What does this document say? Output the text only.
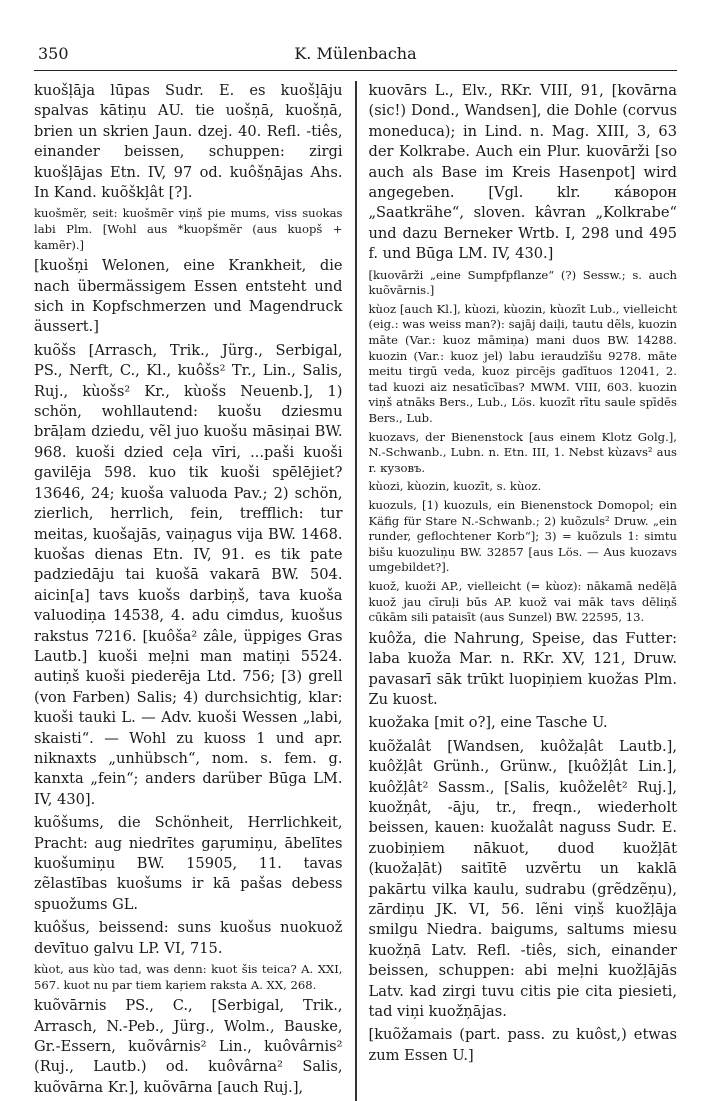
350	K. Mülenbacha

kuošḷāja lūpas Sudr. E. es kuošḷāju spalvas kātiņu AU. tie uošņā, kuošņā, brien un skrien Jaun. dzej. 40. Refl. -tiês, einander beissen, schuppen: zirgi kuošļājas Etn. IV, 97 od. kuôšņājas Ahs. In Kand. kuõškļât [?].

kuošmẽr, seit: kuošmẽr viņš pie mums, viss suokas labi Plm. [Wohl aus *kuopšmẽr (aus kuopš + kamẽr).]

[kuošņi Welonen, eine Krankheit, die nach übermässigem Essen entsteht und sich in Kopfschmerzen und Magendruck äussert.]

kuõšs [Arrasch, Trik., Jürg., Serbigal, PS., Nerft, C., Kl., kuôšs² Tr., Lin., Salis, Ruj., kùošs² Kr., kùošs Neuenb.], 1) schön, wohllautend: kuošu dziesmu brāļam dziedu, vẽl juo kuošu māsiņai BW. 968. kuoši dzied ceļa vīri, ...paši kuoši gavilēja 598. kuo tik kuoši spēlējiet? 13646, 24; kuoša valuoda Pav.; 2) schön, zierlich, herrlich, fein, trefflich: tur meitas, kuošajās, vaiņagus vija BW. 1468. kuošas dienas Etn. IV, 91. es tik pate padziedāju tai kuošā vakarā BW. 504. aicin[a] tavs kuošs darbiņš, tava kuoša valuodiņa 14538, 4. adu cimdus, kuošus rakstus 7216. [kuôša² zâle, üppiges Gras Lautb.] kuoši meļni man matiņi 5524. autiņš kuoši piederēja Ltd. 756; [3) grell (von Farben) Salis; 4) durchsichtig, klar: kuoši tauki L. — Adv. kuoši Wessen „labi, skaisti“. — Wohl zu kuoss 1 und apr. niknaxts „unhübsch“, nom. s. fem. g. kanxta „fein“; anders darüber Būga LM. IV, 430].

kuõšums, die Schönheit, Herrlichkeit, Pracht: aug niedrītes gaŗumiņu, ābelītes kuošumiņu BW. 15905, 11. tavas zẽlastības kuošums ir kā pašas debess spuožums GL.

kuôšus, beissend: suns kuošus nuokuož devītuo galvu LP. VI, 715.

kùot, aus kùo tad, was denn: kuot šis teica? A. XXI, 567. kuot nu par tiem kaŗiem raksta A. XX, 268.

kuõvārnis PS., C., [Serbigal, Trik., Arrasch, N.-Peb., Jürg., Wolm., Bauske, Gr.-Essern, kuõvârnis² Lin., kuôvârnis² (Ruj., Lautb.) od. kuôvârna² Salis, kuõvārna Kr.], kuõvārna [auch Ruj.],

kuovārs L., Elv., RKr. VIII, 91, [kovārna (sic!) Dond., Wandsen], die Dohle (corvus moneduca); in Lind. n. Mag. XIII, 3, 63 der Kolkrabe. Auch ein Plur. kuovārži [so auch als Base im Kreis Hasenpot] wird angegeben. [Vgl. klr. кáворон „Saatkrähe“, sloven. kâvran „Kolkrabe“ und dazu Berneker Wrtb. I, 298 und 495 f. und Būga LM. IV, 430.]

[kuovārži „eine Sumpfpflanze“ (?) Sessw.; s. auch kuõvārnis.]

kùoz [auch Kl.], kùozi, kùozin, kùozīt Lub., vielleicht (eig.: was weiss man?): sajāj daiļi, tautu dẽls, kuozin māte (Var.: kuoz māmiņa) mani duos BW. 14288. kuozin (Var.: kuoz jel) labu ieraudzīšu 9278. māte meitu tirgū veda, kuoz pircējs gadītuos 12041, 2. tad kuozi aiz nesatīcības? MWM. VIII, 603. kuozin viņš atnāks Bers., Lub., Lös. kuozīt rītu saule spīdēs Bers., Lub.

kuozavs, der Bienenstock [aus einem Klotz Golg.], N.-Schwanb., Lubn. n. Etn. III, 1. Nebst kùzavs² aus r. кузовъ.

kùozi, kùozin, kuozīt, s. kùoz.

kuozuls, [1) kuozuls, ein Bienenstock Domopol; ein Käfig für Stare N.-Schwanb.; 2) kuõzuls² Druw. „ein runder, geflochtener Korb“]; 3) = kuõzuls 1: simtu bišu kuozuliņu BW. 32857 [aus Lös. — Aus kuozavs umgebildet?].

kuož, kuoži AP., vielleicht (= kùoz): nākamā nedẽļā kuož jau cīruļi būs AP. kuož vai māk tavs dēliņš cūkām sili pataisīt (aus Sunzel) BW. 22595, 13.

kuôža, die Nahrung, Speise, das Futter: laba kuoža Mar. n. RKr. XV, 121, Druw. pavasarī sāk trūkt luopiņiem kuožas Plm. Zu kuost.

kuožaka [mit o?], eine Tasche U.

kuõžalât [Wandsen, kuôžaļât Lautb.], kuôžļât Grünh., Grünw., [kuôžļât Lin.], kuôžļât² Sassm., [Salis, kuôželêt² Ruj.], kuožņât, -āju, tr., freqn., wiederholt beissen, kauen: kuožalât naguss Sudr. E. zuobiņiem nākuot, duod kuožļāt (kuožaļāt) saitītē uzvẽrtu un kaklā pakārtu vilka kaulu, sudrabu (grẽdzẽņu), zārdiņu JK. VI, 56. lẽni viņš kuožļāja smilgu Niedra. baigums, saltums miesu kuožņā Latv. Refl. -tiês, sich, einander beissen, schuppen: abi meļni kuožļājās Latv. kad zirgi tuvu citis pie cita piesieti, tad viņi kuožņājas.

[kuõžamais (part. pass. zu kuôst,) etwas zum Essen U.]
